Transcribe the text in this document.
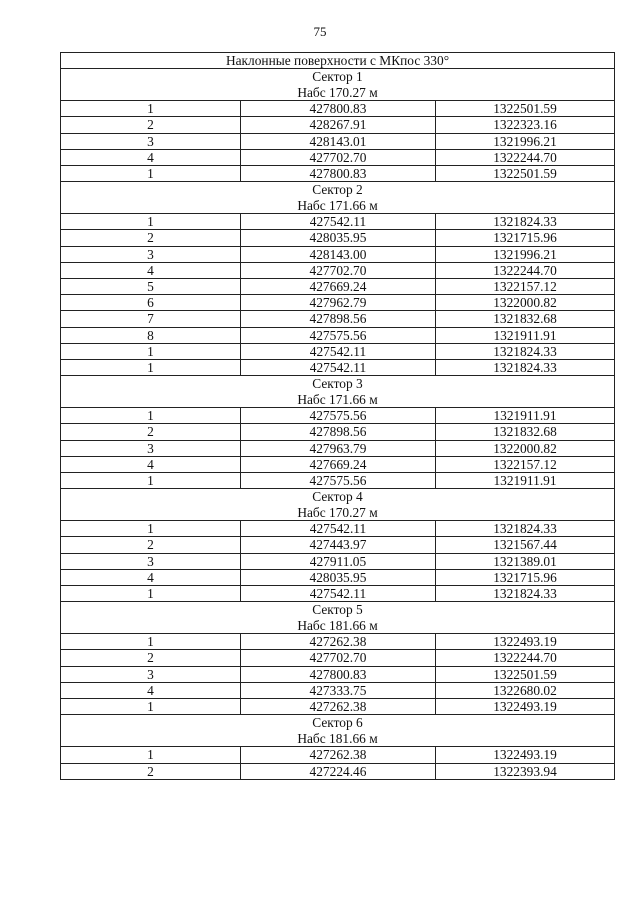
75
Наклонные поверхности с МКпос 330°		

Сектор 1
Набс 170.27 м		

1	427800.83	1322501.59
2	428267.91	1322323.16
3	428143.01	1321996.21
4	427702.70	1322244.70
1	427800.83	1322501.59

Сектор 2
Набс 171.66 м		

1	427542.11	1321824.33
2	428035.95	1321715.96
3	428143.00	1321996.21
4	427702.70	1322244.70
5	427669.24	1322157.12
6	427962.79	1322000.82
7	427898.56	1321832.68
8	427575.56	1321911.91
1	427542.11	1321824.33
1	427542.11	1321824.33

Сектор 3
Набс 171.66 м		

1	427575.56	1321911.91
2	427898.56	1321832.68
3	427963.79	1322000.82
4	427669.24	1322157.12
1	427575.56	1321911.91

Сектор 4
Набс 170.27 м		

1	427542.11	1321824.33
2	427443.97	1321567.44
3	427911.05	1321389.01
4	428035.95	1321715.96
1	427542.11	1321824.33

Сектор 5
Набс 181.66 м		

1	427262.38	1322493.19
2	427702.70	1322244.70
3	427800.83	1322501.59
4	427333.75	1322680.02
1	427262.38	1322493.19

Сектор 6
Набс 181.66 м		

1	427262.38	1322493.19
2	427224.46	1322393.94
